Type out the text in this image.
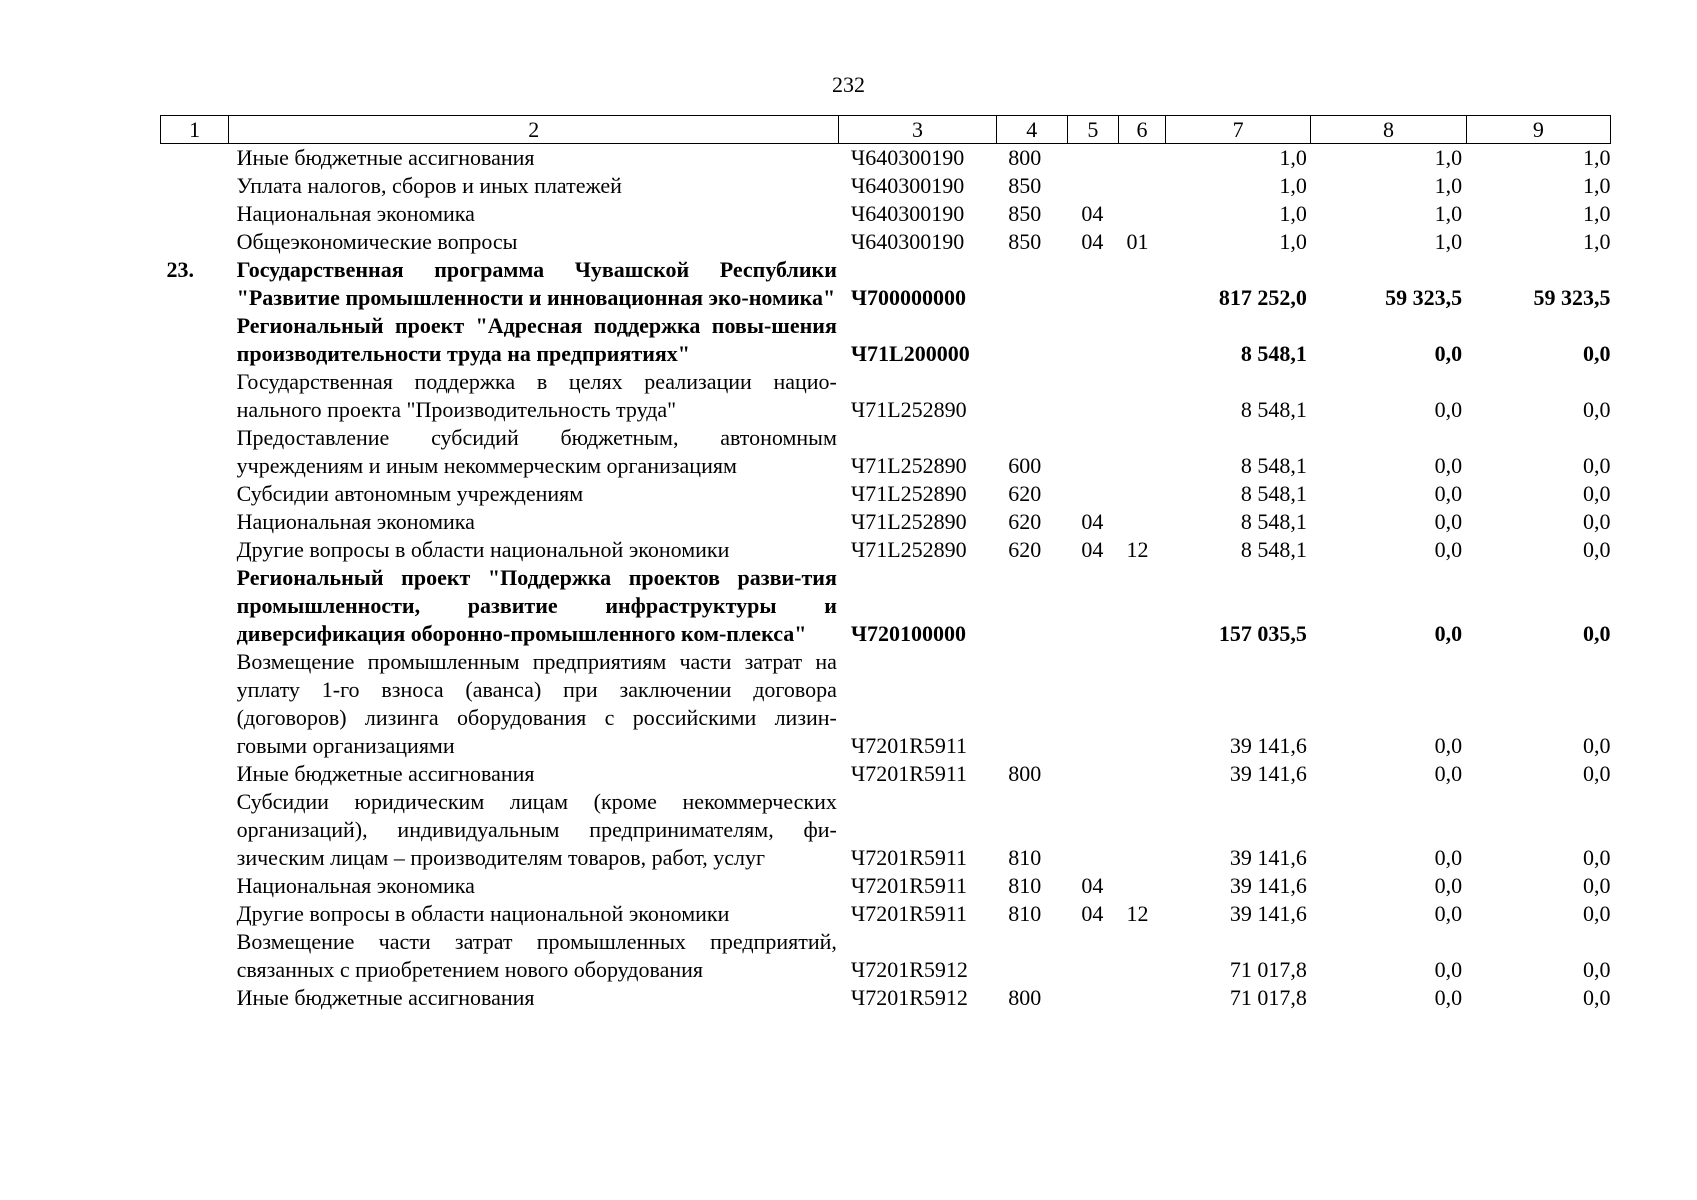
232
1	2	3	4	5	6	7	8	9
	Иные бюджетные ассигнования	Ч640300190	800			1,0	1,0	1,0
	Уплата налогов, сборов и иных платежей	Ч640300190	850			1,0	1,0	1,0
	Национальная экономика	Ч640300190	850	04		1,0	1,0	1,0
	Общеэкономические вопросы	Ч640300190	850	04	01	1,0	1,0	1,0
23.	Государственная программа Чувашской Республики "Развитие промышленности и инновационная эко-номика"	Ч700000000				817 252,0	59 323,5	59 323,5
	Региональный проект "Адресная поддержка повы-шения производительности труда на предприятиях"	Ч71L200000				8 548,1	0,0	0,0
	Государственная поддержка в целях реализации нацио-нального проекта "Производительность труда"	Ч71L252890				8 548,1	0,0	0,0
	Предоставление субсидий бюджетным, автономным учреждениям и иным некоммерческим организациям	Ч71L252890	600			8 548,1	0,0	0,0
	Субсидии автономным учреждениям	Ч71L252890	620			8 548,1	0,0	0,0
	Национальная экономика	Ч71L252890	620	04		8 548,1	0,0	0,0
	Другие вопросы в области национальной экономики	Ч71L252890	620	04	12	8 548,1	0,0	0,0
	Региональный проект "Поддержка проектов разви-тия промышленности, развитие инфраструктуры и диверсификация оборонно-промышленного ком-плекса"	Ч720100000				157 035,5	0,0	0,0
	Возмещение промышленным предприятиям части затрат на уплату 1-го взноса (аванса) при заключении договора (договоров) лизинга оборудования с российскими лизин-говыми организациями	Ч7201R5911				39 141,6	0,0	0,0
	Иные бюджетные ассигнования	Ч7201R5911	800			39 141,6	0,0	0,0
	Субсидии юридическим лицам (кроме некоммерческих организаций), индивидуальным предпринимателям, фи-зическим лицам – производителям товаров, работ, услуг	Ч7201R5911	810			39 141,6	0,0	0,0
	Национальная экономика	Ч7201R5911	810	04		39 141,6	0,0	0,0
	Другие вопросы в области национальной экономики	Ч7201R5911	810	04	12	39 141,6	0,0	0,0
	Возмещение части затрат промышленных предприятий, связанных с приобретением нового оборудования	Ч7201R5912				71 017,8	0,0	0,0
	Иные бюджетные ассигнования	Ч7201R5912	800			71 017,8	0,0	0,0
